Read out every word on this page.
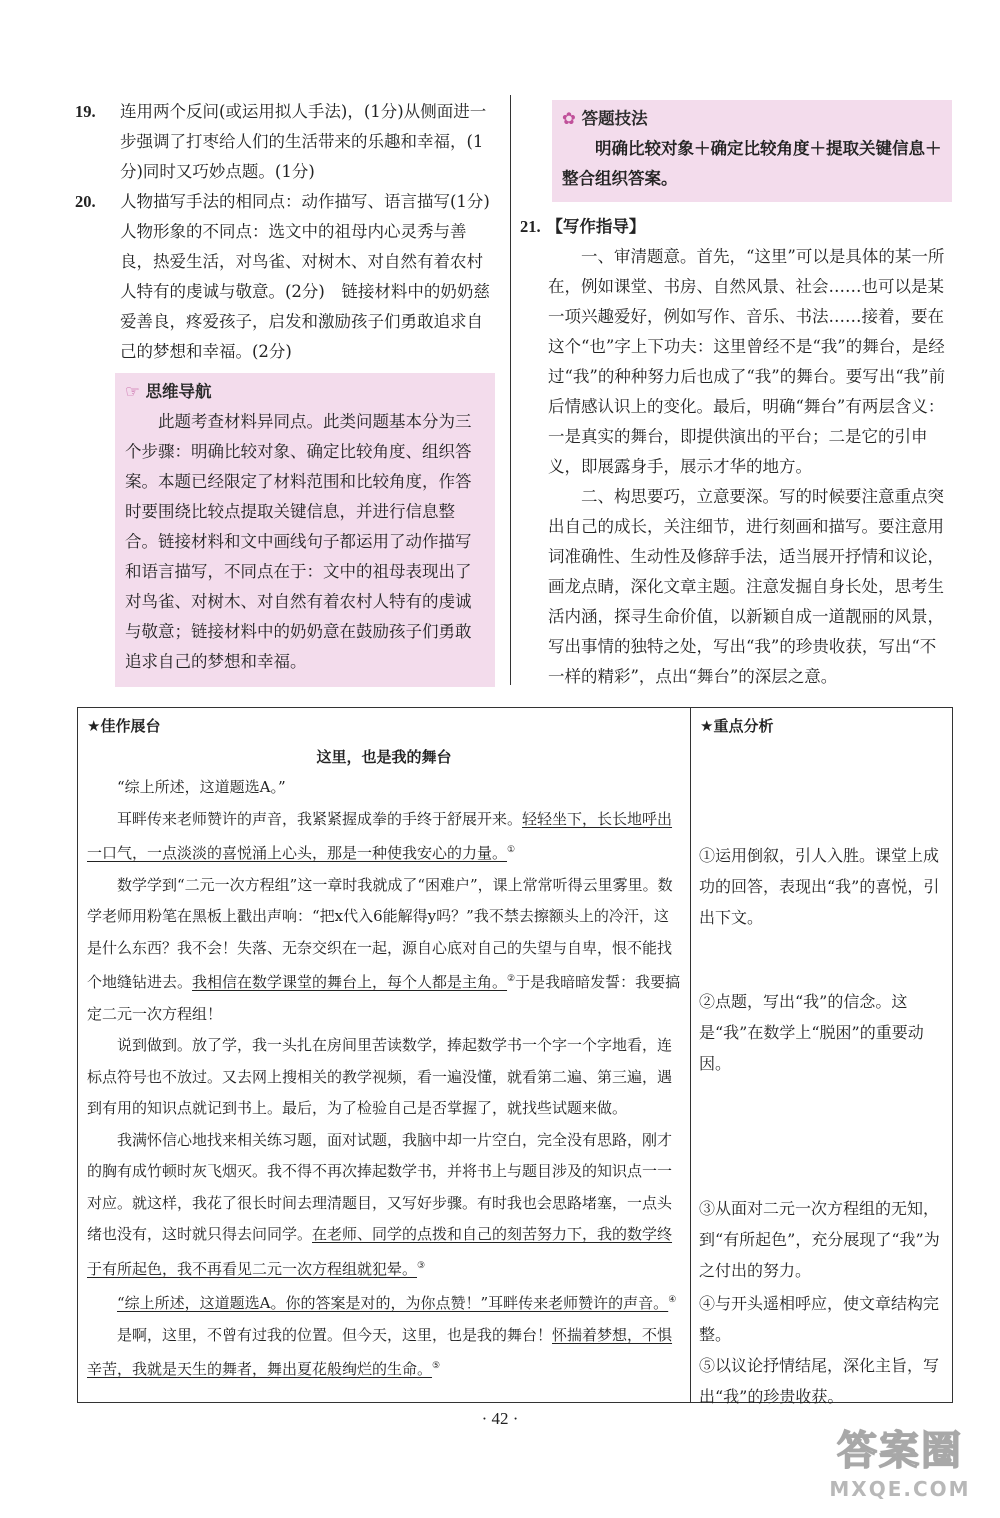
19. 连用两个反问(或运用拟人手法)，(1分)从侧面进一步强调了打枣给人们的生活带来的乐趣和幸福，(1分)同时又巧妙点题。(1分)
20. 人物描写手法的相同点：动作描写、语言描写(1分)
人物形象的不同点：选文中的祖母内心灵秀与善良，热爱生活，对鸟雀、对树木、对自然有着农村人特有的虔诚与敬意。(2分)　链接材料中的奶奶慈爱善良，疼爱孩子，启发和激励孩子们勇敢追求自己的梦想和幸福。(2分)
☞ 思维导航
此题考查材料异同点。此类问题基本分为三个步骤：明确比较对象、确定比较角度、组织答案。本题已经限定了材料范围和比较角度，作答时要围绕比较点提取关键信息，并进行信息整合。链接材料和文中画线句子都运用了动作描写和语言描写，不同点在于：文中的祖母表现出了对鸟雀、对树木、对自然有着农村人特有的虔诚与敬意；链接材料中的奶奶意在鼓励孩子们勇敢追求自己的梦想和幸福。
✿ 答题技法
明确比较对象＋确定比较角度＋提取关键信息＋整合组织答案。
21. 【写作指导】
一、审清题意。首先，“这里”可以是具体的某一所在，例如课堂、书房、自然风景、社会……也可以是某一项兴趣爱好，例如写作、音乐、书法……接着，要在这个“也”字上下功夫：这里曾经不是“我”的舞台，是经过“我”的种种努力后也成了“我”的舞台。要写出“我”前后情感认识上的变化。最后，明确“舞台”有两层含义：一是真实的舞台，即提供演出的平台；二是它的引申义，即展露身手，展示才华的地方。
二、构思要巧，立意要深。写的时候要注意重点突出自己的成长，关注细节，进行刻画和描写。要注意用词准确性、生动性及修辞手法，适当展开抒情和议论，画龙点睛，深化文章主题。注意发掘自身长处，思考生活内涵，探寻生命价值，以新颖自成一道靓丽的风景，写出事情的独特之处，写出“我”的珍贵收获，写出“不一样的精彩”，点出“舞台”的深层之意。
★佳作展台
这里，也是我的舞台

“综上所述，这道题选A。”

耳畔传来老师赞许的声音，我紧紧握成拳的手终于舒展开来。轻轻坐下，长长地呼出一口气，一点淡淡的喜悦涌上心头，那是一种使我安心的力量。①

数学学到“二元一次方程组”这一章时我就成了“困难户”，课上常常听得云里雾里。数学老师用粉笔在黑板上戳出声响：“把x代入6能解得y吗？”我不禁去擦额头上的冷汗，这是什么东西？我不会！失落、无奈交织在一起，源自心底对自己的失望与自卑，恨不能找个地缝钻进去。我相信在数学课堂的舞台上，每个人都是主角。②于是我暗暗发誓：我要搞定二元一次方程组！

说到做到。放了学，我一头扎在房间里苦读数学，捧起数学书一个字一个字地看，连标点符号也不放过。又去网上搜相关的教学视频，看一遍没懂，就看第二遍、第三遍，遇到有用的知识点就记到书上。最后，为了检验自己是否掌握了，就找些试题来做。

我满怀信心地找来相关练习题，面对试题，我脑中却一片空白，完全没有思路，刚才的胸有成竹顿时灰飞烟灭。我不得不再次捧起数学书，并将书上与题目涉及的知识点一一对应。就这样，我花了很长时间去理清题目，又写好步骤。有时我也会思路堵塞，一点头绪也没有，这时就只得去问同学。在老师、同学的点拨和自己的刻苦努力下，我的数学终于有所起色，我不再看见二元一次方程组就犯晕。③

“综上所述，这道题选A。你的答案是对的，为你点赞！”耳畔传来老师赞许的声音。④

是啊，这里，不曾有过我的位置。但今天，这里，也是我的舞台！怀揣着梦想，不惧辛苦，我就是天生的舞者，舞出夏花般绚烂的生命。⑤

★重点分析
①运用倒叙，引人入胜。课堂上成功的回答，表现出“我”的喜悦，引出下文。
②点题，写出“我”的信念。这是“我”在数学上“脱困”的重要动因。
③从面对二元一次方程组的无知，到“有所起色”，充分展现了“我”为之付出的努力。
④与开头遥相呼应，使文章结构完整。
⑤以议论抒情结尾，深化主旨，写出“我”的珍贵收获。
· 42 ·
答案圈
MXQE.COM
